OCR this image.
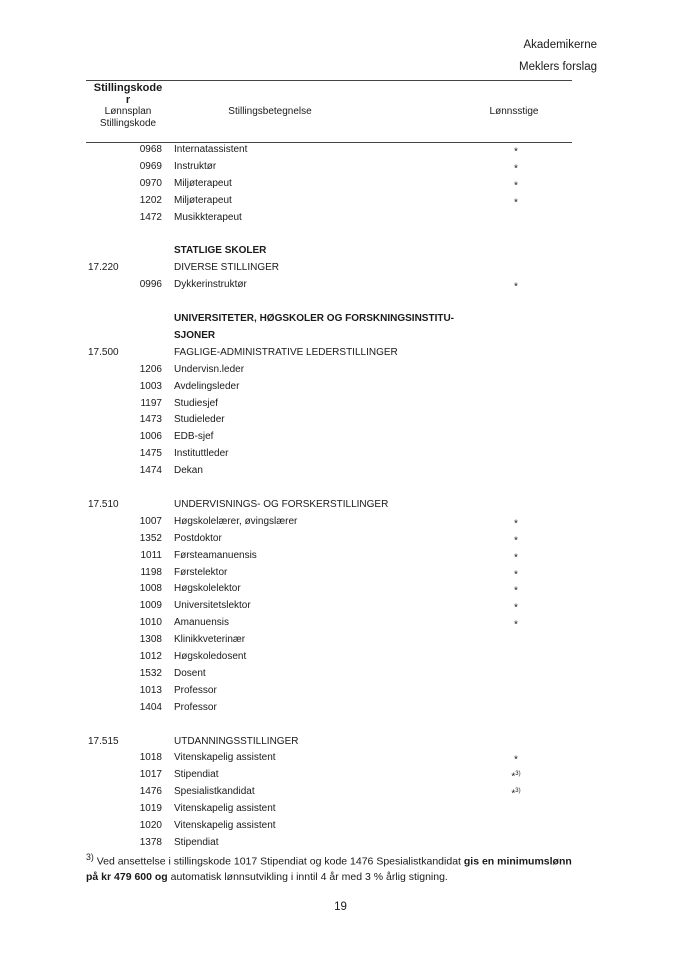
Akademikerne
Meklers forslag
Stillingskode
r
Lønnsplan
Stillingskode
Stillingsbetegnelse	Lønnsstige
0968 Internatassistent	*
0969 Instruktør	*
0970 Miljøterapeut	*
1202 Miljøterapeut	*
1472 Musikkterapeut
STATLIGE SKOLER
17.220	DIVERSE STILLINGER
0996 Dykkerinstruktør	*
UNIVERSITETER, HØGSKOLER OG FORSKNINGSINSTITU-
SJONER
17.500	FAGLIGE-ADMINISTRATIVE LEDERSTILLINGER
1206 Undervisn.leder
1003 Avdelingsleder
1197 Studiesjef
1473 Studieleder
1006 EDB-sjef
1475 Instituttleder
1474 Dekan
17.510	UNDERVISNINGS- OG FORSKERSTILLINGER
1007 Høgskolelærer, øvingslærer	*
1352 Postdoktor	*
1011 Førsteamanuensis	*
1198 Førstelektor	*
1008 Høgskolelektor	*
1009 Universitetslektor	*
1010 Amanuensis	*
1308 Klinikkveterinær
1012 Høgskoledosent
1532 Dosent
1013 Professor
1404 Professor
17.515	UTDANNINGSSTILLINGER
1018 Vitenskapelig assistent	*
1017 Stipendiat	*$^{3)}$
1476 Spesialistkandidat	*$^{3)}$
1019 Vitenskapelig assistent
1020 Vitenskapelig assistent
1378 Stipendiat
$^{3)}$ Ved ansettelse i stillingskode 1017 Stipendiat og kode 1476 Spesialistkandidat gis en minimumslønn på kr 479 600 og automatisk lønnsutvikling i inntil 4 år med 3 % årlig stigning.
19
